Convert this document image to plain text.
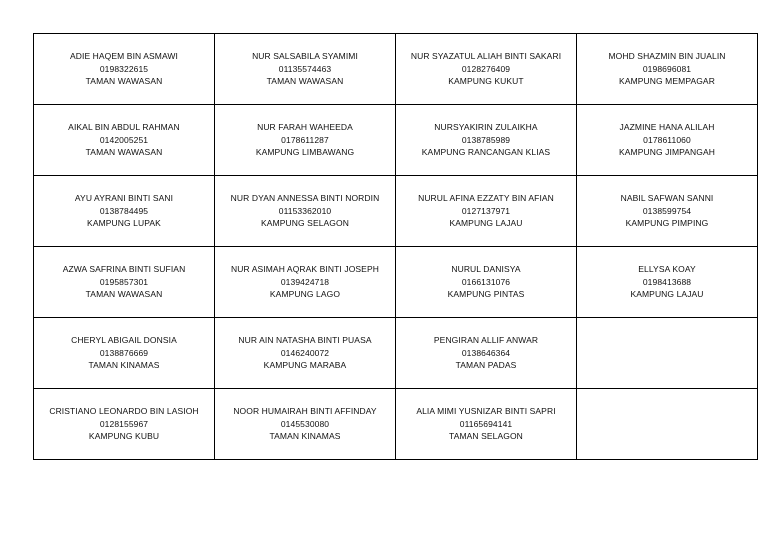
ADIE HAQEM BIN ASMAWI
0198322615
TAMAN WAWASAN	NUR SALSABILA SYAMIMI
01135574463
TAMAN WAWASAN	NUR SYAZATUL ALIAH BINTI SAKARI
0128276409
KAMPUNG KUKUT	MOHD SHAZMIN BIN JUALIN
0198696081
KAMPUNG MEMPAGAR

AIKAL BIN ABDUL RAHMAN
0142005251
TAMAN WAWASAN	NUR FARAH WAHEEDA
0178611287
KAMPUNG LIMBAWANG	NURSYAKIRIN ZULAIKHA
0138785989
KAMPUNG RANCANGAN KLIAS	JAZMINE HANA ALILAH
0178611060
KAMPUNG JIMPANGAH

AYU AYRANI BINTI SANI
0138784495
KAMPUNG LUPAK	NUR DYAN ANNESSA BINTI NORDIN
01153362010
KAMPUNG SELAGON	NURUL AFINA EZZATY BIN AFIAN
0127137971
KAMPUNG LAJAU	NABIL SAFWAN SANNI
0138599754
KAMPUNG PIMPING

AZWA SAFRINA BINTI SUFIAN
0195857301
TAMAN WAWASAN	NUR ASIMAH AQRAK BINTI JOSEPH
0139424718
KAMPUNG LAGO	NURUL DANISYA
0166131076
KAMPUNG PINTAS	ELLYSA KOAY
0198413688
KAMPUNG LAJAU

CHERYL ABIGAIL DONSIA
0138876669
TAMAN KINAMAS	NUR AIN NATASHA BINTI PUASA
0146240072
KAMPUNG MARABA	PENGIRAN ALLIF ANWAR
0138646364
TAMAN PADAS	

CRISTIANO LEONARDO BIN LASIOH
0128155967
KAMPUNG KUBU	NOOR HUMAIRAH BINTI AFFINDAY
0145530080
TAMAN KINAMAS	ALIA MIMI YUSNIZAR BINTI SAPRI
01165694141
TAMAN SELAGON	
